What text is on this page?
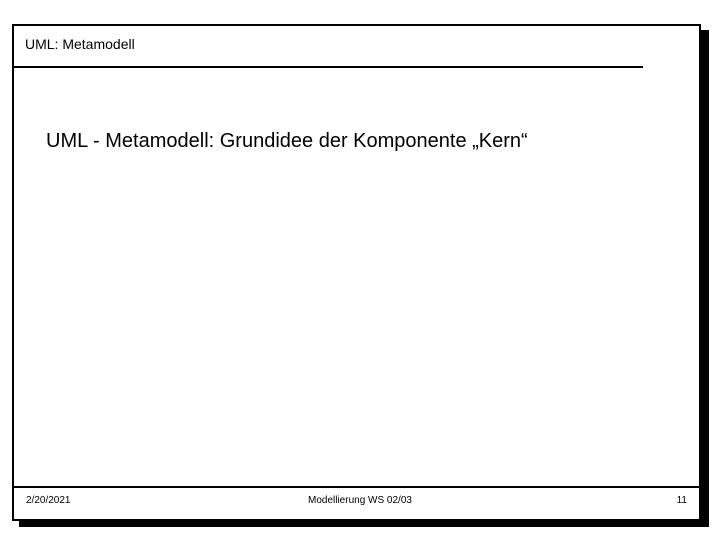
UML: Metamodell
UML - Metamodell: Grundidee der Komponente „Kern“
2/20/2021	Modellierung WS 02/03	11
